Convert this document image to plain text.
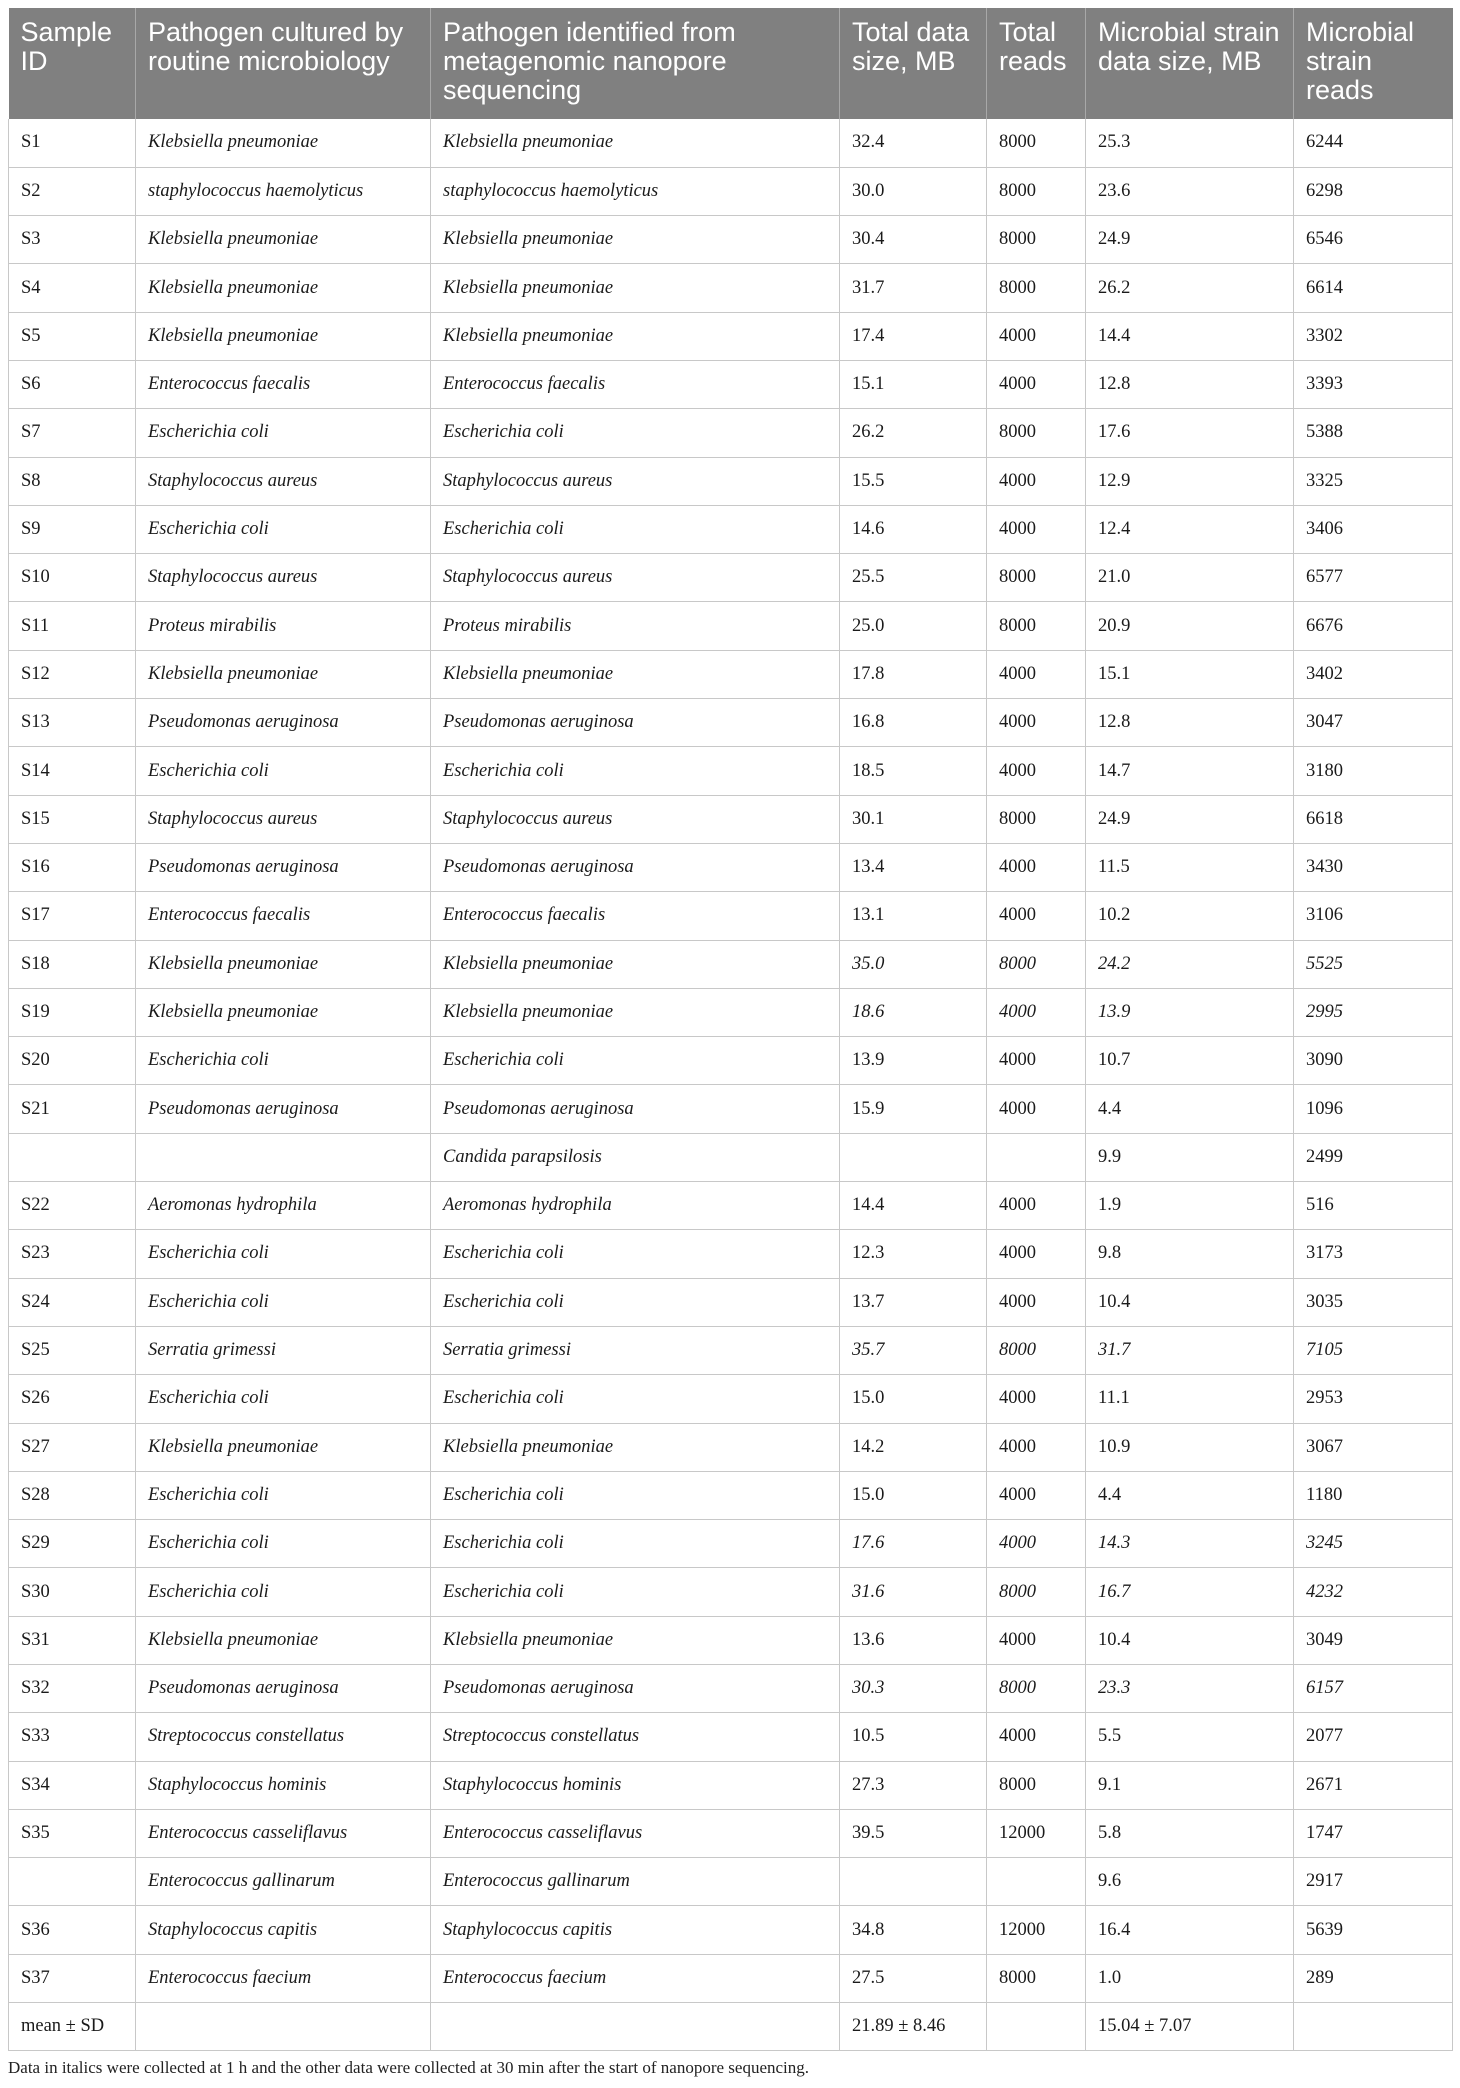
Sample ID	Pathogen cultured by routine microbiology	Pathogen identified from metagenomic nanopore sequencing	Total data size, MB	Total reads	Microbial strain data size, MB	Microbial strain reads
S1	Klebsiella pneumoniae	Klebsiella pneumoniae	32.4	8000	25.3	6244
S2	staphylococcus haemolyticus	staphylococcus haemolyticus	30.0	8000	23.6	6298
S3	Klebsiella pneumoniae	Klebsiella pneumoniae	30.4	8000	24.9	6546
S4	Klebsiella pneumoniae	Klebsiella pneumoniae	31.7	8000	26.2	6614
S5	Klebsiella pneumoniae	Klebsiella pneumoniae	17.4	4000	14.4	3302
S6	Enterococcus faecalis	Enterococcus faecalis	15.1	4000	12.8	3393
S7	Escherichia coli	Escherichia coli	26.2	8000	17.6	5388
S8	Staphylococcus aureus	Staphylococcus aureus	15.5	4000	12.9	3325
S9	Escherichia coli	Escherichia coli	14.6	4000	12.4	3406
S10	Staphylococcus aureus	Staphylococcus aureus	25.5	8000	21.0	6577
S11	Proteus mirabilis	Proteus mirabilis	25.0	8000	20.9	6676
S12	Klebsiella pneumoniae	Klebsiella pneumoniae	17.8	4000	15.1	3402
S13	Pseudomonas aeruginosa	Pseudomonas aeruginosa	16.8	4000	12.8	3047
S14	Escherichia coli	Escherichia coli	18.5	4000	14.7	3180
S15	Staphylococcus aureus	Staphylococcus aureus	30.1	8000	24.9	6618
S16	Pseudomonas aeruginosa	Pseudomonas aeruginosa	13.4	4000	11.5	3430
S17	Enterococcus faecalis	Enterococcus faecalis	13.1	4000	10.2	3106
S18	Klebsiella pneumoniae	Klebsiella pneumoniae	35.0	8000	24.2	5525
S19	Klebsiella pneumoniae	Klebsiella pneumoniae	18.6	4000	13.9	2995
S20	Escherichia coli	Escherichia coli	13.9	4000	10.7	3090
S21	Pseudomonas aeruginosa	Pseudomonas aeruginosa	15.9	4000	4.4	1096
		Candida parapsilosis			9.9	2499
S22	Aeromonas hydrophila	Aeromonas hydrophila	14.4	4000	1.9	516
S23	Escherichia coli	Escherichia coli	12.3	4000	9.8	3173
S24	Escherichia coli	Escherichia coli	13.7	4000	10.4	3035
S25	Serratia grimessi	Serratia grimessi	35.7	8000	31.7	7105
S26	Escherichia coli	Escherichia coli	15.0	4000	11.1	2953
S27	Klebsiella pneumoniae	Klebsiella pneumoniae	14.2	4000	10.9	3067
S28	Escherichia coli	Escherichia coli	15.0	4000	4.4	1180
S29	Escherichia coli	Escherichia coli	17.6	4000	14.3	3245
S30	Escherichia coli	Escherichia coli	31.6	8000	16.7	4232
S31	Klebsiella pneumoniae	Klebsiella pneumoniae	13.6	4000	10.4	3049
S32	Pseudomonas aeruginosa	Pseudomonas aeruginosa	30.3	8000	23.3	6157
S33	Streptococcus constellatus	Streptococcus constellatus	10.5	4000	5.5	2077
S34	Staphylococcus hominis	Staphylococcus hominis	27.3	8000	9.1	2671
S35	Enterococcus casseliflavus	Enterococcus casseliflavus	39.5	12000	5.8	1747
	Enterococcus gallinarum	Enterococcus gallinarum			9.6	2917
S36	Staphylococcus capitis	Staphylococcus capitis	34.8	12000	16.4	5639
S37	Enterococcus faecium	Enterococcus faecium	27.5	8000	1.0	289
mean ± SD			21.89 ± 8.46		15.04 ± 7.07	
Data in italics were collected at 1 h and the other data were collected at 30 min after the start of nanopore sequencing.
